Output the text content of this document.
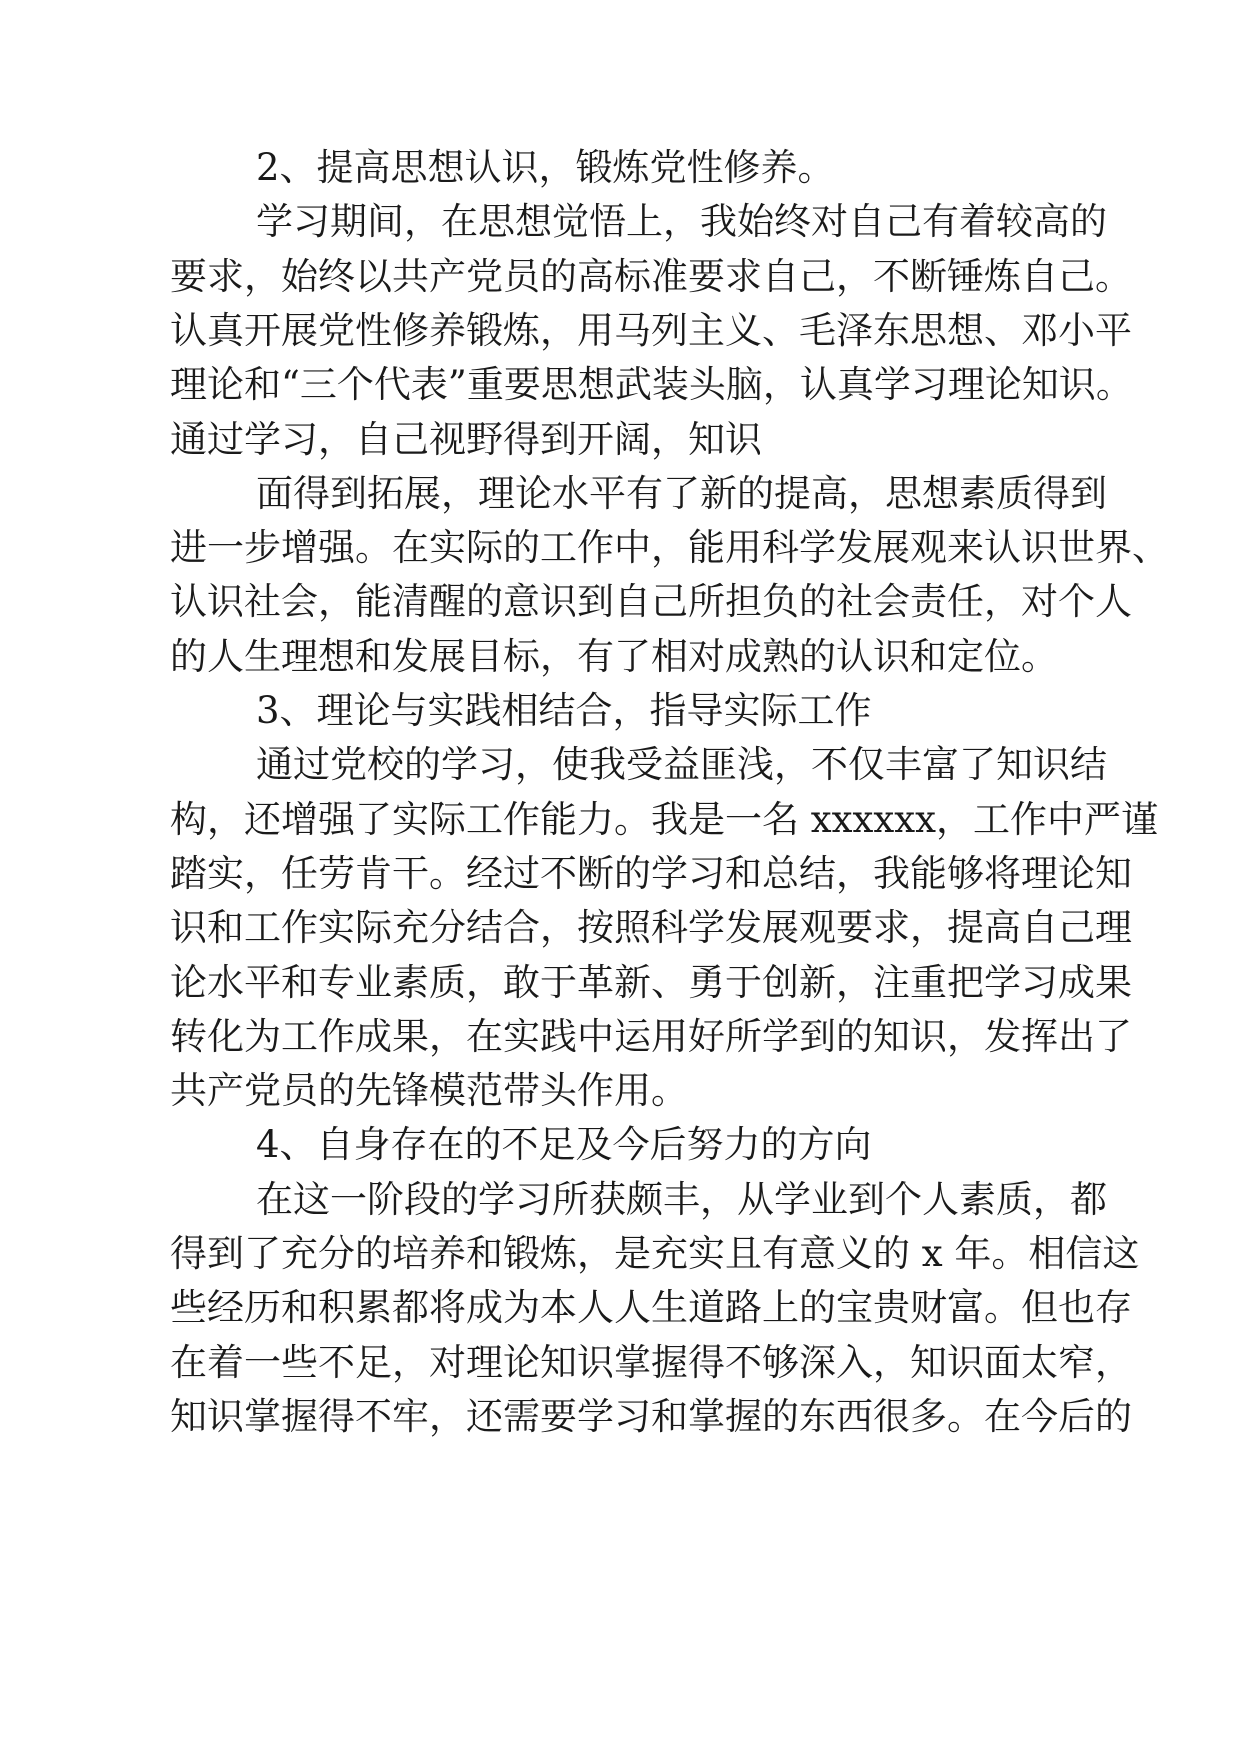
2、提高思想认识，锻炼党性修养。

学习期间，在思想觉悟上，我始终对自己有着较高的

要求，始终以共产党员的高标准要求自己，不断锤炼自己。

认真开展党性修养锻炼，用马列主义、毛泽东思想、邓小平

理论和“三个代表”重要思想武装头脑，认真学习理论知识。

通过学习，自己视野得到开阔，知识

面得到拓展，理论水平有了新的提高，思想素质得到

进一步增强。在实际的工作中，能用科学发展观来认识世界、

认识社会，能清醒的意识到自己所担负的社会责任，对个人

的人生理想和发展目标，有了相对成熟的认识和定位。

3、理论与实践相结合，指导实际工作

通过党校的学习，使我受益匪浅，不仅丰富了知识结

构，还增强了实际工作能力。我是一名 xxxxxx，工作中严谨

踏实，任劳肯干。经过不断的学习和总结，我能够将理论知

识和工作实际充分结合，按照科学发展观要求，提高自己理

论水平和专业素质，敢于革新、勇于创新，注重把学习成果

转化为工作成果，在实践中运用好所学到的知识，发挥出了

共产党员的先锋模范带头作用。

4、自身存在的不足及今后努力的方向

在这一阶段的学习所获颇丰，从学业到个人素质，都

得到了充分的培养和锻炼，是充实且有意义的 x 年。相信这

些经历和积累都将成为本人人生道路上的宝贵财富。但也存

在着一些不足，对理论知识掌握得不够深入，知识面太窄，

知识掌握得不牢，还需要学习和掌握的东西很多。在今后的
